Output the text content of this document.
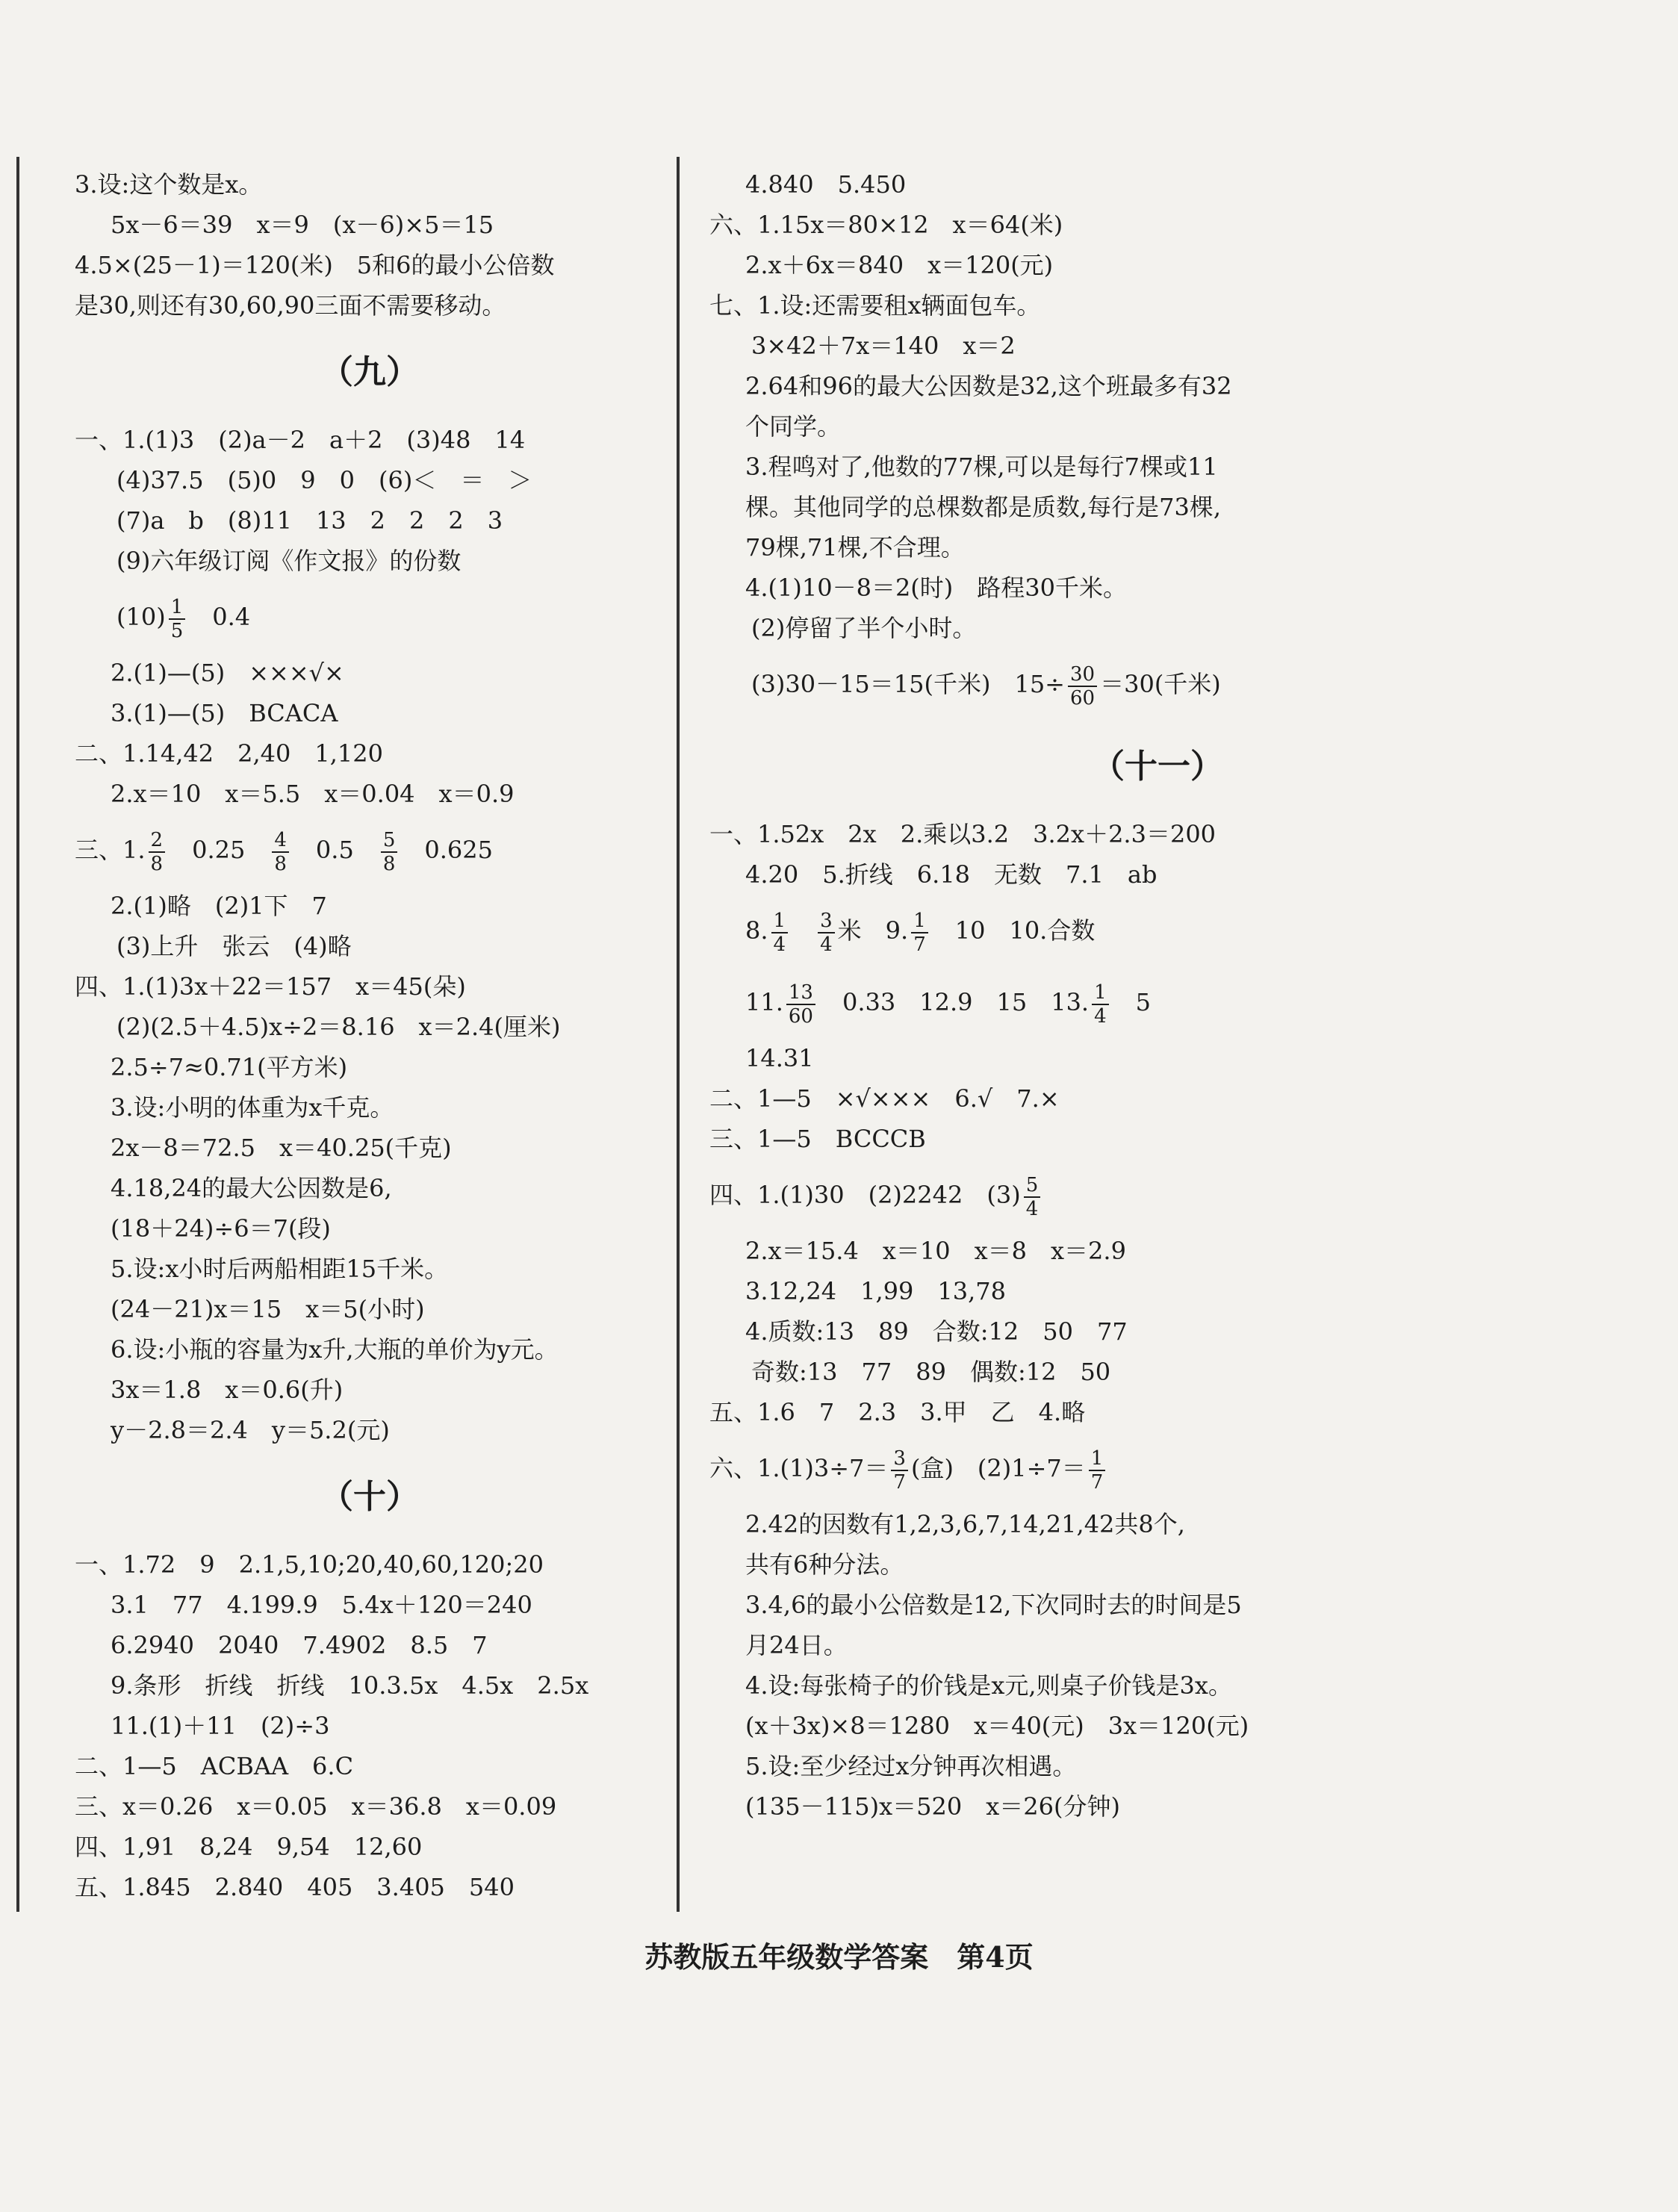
3.设:这个数是x。
5x－6＝39　x＝9　(x－6)×5＝15
4.5×(25－1)＝120(米)　5和6的最小公倍数
是30,则还有30,60,90三面不需要移动。
（九）
一、1.(1)3　(2)a－2　a＋2　(3)48　14
(4)37.5　(5)0　9　0　(6)＜　＝　＞
(7)a　b　(8)11　13　2　2　2　3
(9)六年级订阅《作文报》的份数
$(10) \frac{1}{5}$ 　0.4
2.(1)—(5)　×××√×
3.(1)—(5)　BCACA
二、1.14,42　2,40　1,120
2.x＝10　x＝5.5　x＝0.04　x＝0.9
三、1. $\frac{2}{8}$ 　0.25　 $\frac{4}{8}$ 　0.5　 $\frac{5}{8}$ 　0.625
2.(1)略　(2)1下　7
(3)上升　张云　(4)略
四、1.(1)3x＋22＝157　x＝45(朵)
(2)(2.5＋4.5)x÷2＝8.16　x＝2.4(厘米)
2.5÷7≈0.71(平方米)
3.设:小明的体重为x千克。
2x－8＝72.5　x＝40.25(千克)
4.18,24的最大公因数是6,
(18＋24)÷6＝7(段)
5.设:x小时后两船相距15千米。
(24－21)x＝15　x＝5(小时)
6.设:小瓶的容量为x升,大瓶的单价为y元。
3x＝1.8　x＝0.6(升)
y－2.8＝2.4　y＝5.2(元)
（十）
一、1.72　9　2.1,5,10;20,40,60,120;20
3.1　77　4.199.9　5.4x＋120＝240
6.2940　2040　7.4902　8.5　7
9.条形　折线　折线　10.3.5x　4.5x　2.5x
11.(1)＋11　(2)÷3
二、1—5　ACBAA　6.C
三、x＝0.26　x＝0.05　x＝36.8　x＝0.09
四、1,91　8,24　9,54　12,60
五、1.845　2.840　405　3.405　540
4.840　5.450
六、1.15x＝80×12　x＝64(米)
2.x＋6x＝840　x＝120(元)
七、1.设:还需要租x辆面包车。
3×42＋7x＝140　x＝2
2.64和96的最大公因数是32,这个班最多有32
个同学。
3.程鸣对了,他数的77棵,可以是每行7棵或11
棵。其他同学的总棵数都是质数,每行是73棵,
79棵,71棵,不合理。
4.(1)10－8＝2(时)　路程30千米。
(2)停留了半个小时。
(3)30－15＝15(千米)　$15\div \frac{30}{60} =30$(千米)
（十一）
一、1.52x　2x　2.乘以3.2　3.2x＋2.3＝200
4.20　5.折线　6.18　无数　7.1　ab
8. $\frac{1}{4}$
　 $\frac{3}{4}$ 米　9. $\frac{1}{7}$ 　10　10.合数
11. $\frac{13}{60}$ 　0.33　12.9　15　13. $\frac{1}{4}$ 　5
14.31
二、1—5　×√×××　6.√　7.×
三、1—5　BCCCB
四、1.(1)30　(2)2242　$(3) \frac{5}{4}$
2.x＝15.4　x＝10　x＝8　x＝2.9
3.12,24　1,99　13,78
4.质数:13　89　合数:12　50　77
奇数:13　77　89　偶数:12　50
五、1.6　7　2.3　3.甲　乙　4.略
六、$1.(1)3\div 7= \frac{3}{7}$ (盒)　$(2)1\div 7= \frac{1}{7}$
2.42的因数有1,2,3,6,7,14,21,42共8个,
共有6种分法。
3.4,6的最小公倍数是12,下次同时去的时间是5
月24日。
4.设:每张椅子的价钱是x元,则桌子价钱是3x。
(x＋3x)×8＝1280　x＝40(元)　3x＝120(元)
5.设:至少经过x分钟再次相遇。
(135－115)x＝520　x＝26(分钟)
苏教版五年级数学答案　第4页
